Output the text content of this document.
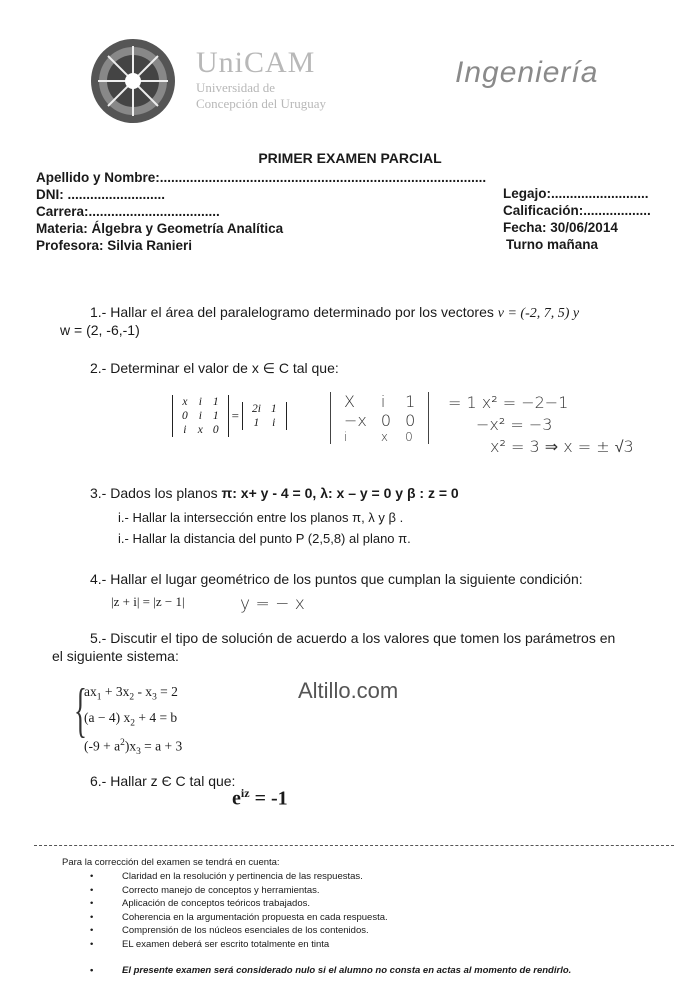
UniCAM
Universidad de
Concepción del Uruguay
Ingeniería
PRIMER EXAMEN PARCIAL
Apellido y Nombre:.......................................................................................
DNI: ..........................
Carrera:...................................
Materia: Álgebra y Geometría Analítica
Profesora: Silvia Ranieri
Legajo:..........................
Calificación:..................
Fecha: 30/06/2014
Turno mañana
1.- Hallar el área del paralelogramo determinado por los vectores v = (-2, 7, 5) y
w = (2, -6,-1)
2.- Determinar el valor de x ∈ C tal que:
x	i	1
0	i	1
i	x	0
= 2i	1
1	i
X	i	1
−x	0	0
i	x	0
= 1 x² = −2−1
−x² = −3
x² = 3 ⇒ x = ± √3
3.- Dados los planos π: x+ y - 4 = 0, λ: x – y = 0 y β : z = 0
i.- Hallar la intersección entre los planos π, λ y β .
i.- Hallar la distancia del punto P (2,5,8) al plano π.
4.- Hallar el lugar geométrico de los puntos que cumplan la siguiente condición:
|z + i| = |z − 1|	y = − x
5.- Discutir el tipo de solución de acuerdo a los valores que tomen los parámetros en
el siguiente sistema:
{
$ax_1 + 3x_2 - x_3 = 2$
(a − 4) $x_2 + 4 = b$
$(-9 + a^2)x_3 = a + 3$
Altillo.com
6.- Hallar z Є C tal que:
$e^{iz} = -1$
Para la corrección del examen se tendrá en cuenta:
• Claridad en la resolución y pertinencia de las respuestas.
• Correcto manejo de conceptos y herramientas.
• Aplicación de conceptos teóricos trabajados.
• Coherencia en la argumentación propuesta en cada respuesta.
• Comprensión de los núcleos esenciales de los contenidos.
• EL examen deberá ser escrito totalmente en tinta
• El presente examen será considerado nulo si el alumno no consta en actas al momento de rendirlo.
